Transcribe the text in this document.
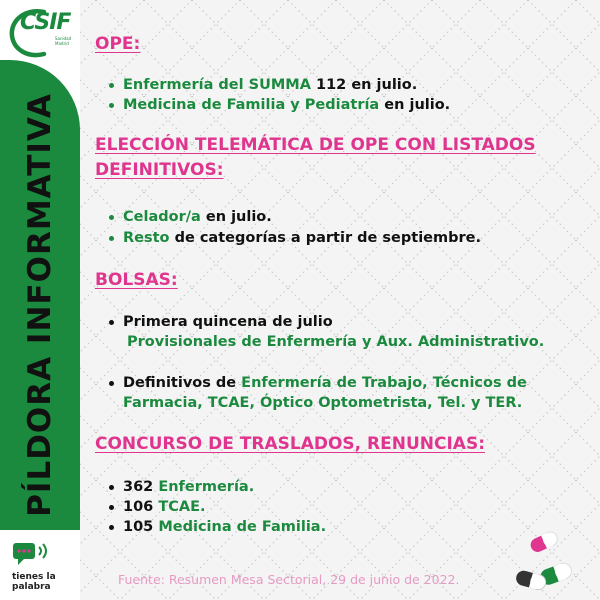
PÍLDORA INFORMATIVA
CSIF
Sanidad
Madrid
tienes la
palabra
OPE:
Enfermería del SUMMA 112 en julio.
Medicina de Familia y Pediatría en julio.
ELECCIÓN TELEMÁTICA DE OPE CON LISTADOS
DEFINITIVOS:
Celador/a en julio.
Resto de categorías a partir de septiembre.
BOLSAS:
Primera quincena de julio
Provisionales de Enfermería y Aux. Administrativo.
Definitivos de Enfermería de Trabajo, Técnicos de
Farmacia, TCAE, Óptico Optometrista, Tel. y TER.
CONCURSO DE TRASLADOS, RENUNCIAS:
362 Enfermería.
106 TCAE.
105 Medicina de Familia.
Fuente: Resumen Mesa Sectorial, 29 de junio de 2022.
